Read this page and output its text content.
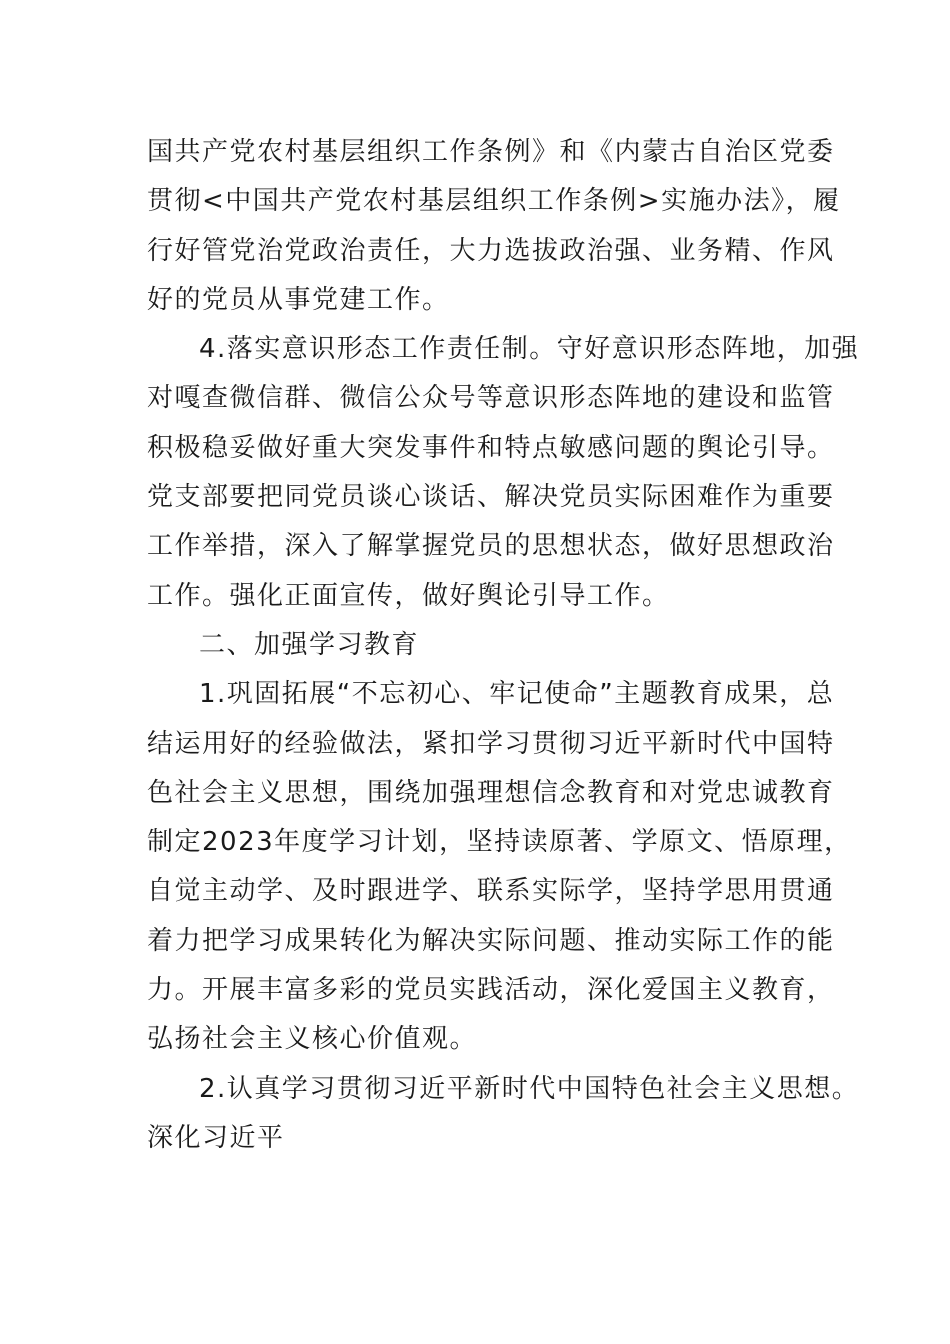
国共产党农村基层组织工作条例》和《内蒙古自治区党委
贯彻<中国共产党农村基层组织工作条例>实施办法》，履
行好管党治党政治责任，大力选拔政治强、业务精、作风
好的党员从事党建工作。
4.落实意识形态工作责任制。守好意识形态阵地，加强
对嘎查微信群、微信公众号等意识形态阵地的建设和监管
积极稳妥做好重大突发事件和特点敏感问题的舆论引导。
党支部要把同党员谈心谈话、解决党员实际困难作为重要
工作举措，深入了解掌握党员的思想状态，做好思想政治
工作。强化正面宣传，做好舆论引导工作。
二、加强学习教育
1.巩固拓展“不忘初心、牢记使命”主题教育成果，总
结运用好的经验做法，紧扣学习贯彻习近平新时代中国特
色社会主义思想，围绕加强理想信念教育和对党忠诚教育
制定2023年度学习计划，坚持读原著、学原文、悟原理，
自觉主动学、及时跟进学、联系实际学，坚持学思用贯通
着力把学习成果转化为解决实际问题、推动实际工作的能
力。开展丰富多彩的党员实践活动，深化爱国主义教育，
弘扬社会主义核心价值观。
2.认真学习贯彻习近平新时代中国特色社会主义思想。
深化习近平
